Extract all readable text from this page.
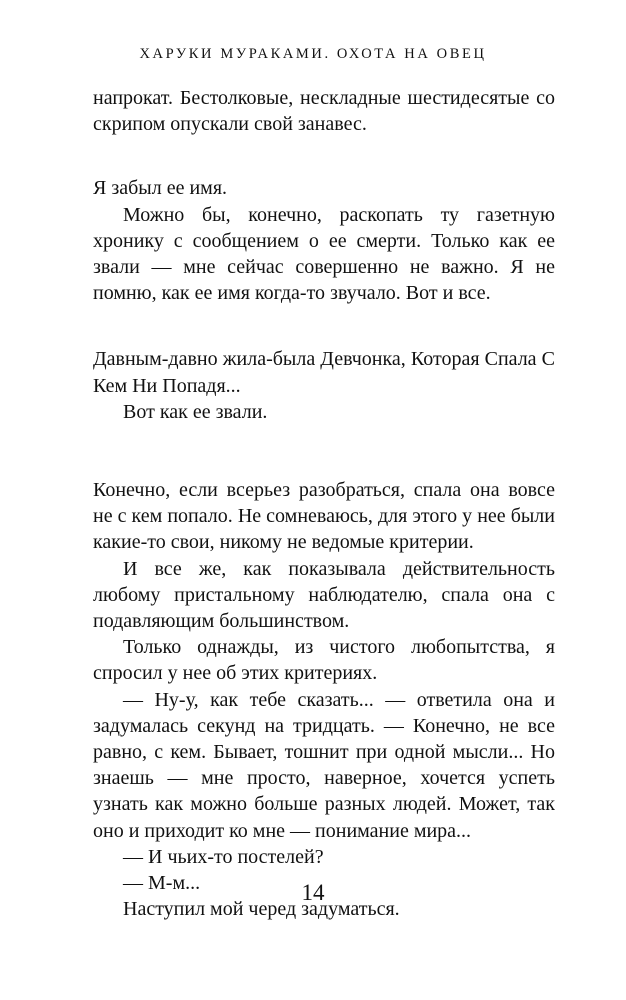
ХАРУКИ МУРАКАМИ. ОХОТА НА ОВЕЦ

напрокат. Бестолковые, нескладные шестидесятые со скрипом опускали свой занавес.

Я забыл ее имя.

Можно бы, конечно, раскопать ту газетную хронику с сообщением о ее смерти. Только как ее звали — мне сейчас совершенно не важно. Я не помню, как ее имя когда-то звучало. Вот и все.

Давным-давно жила-была Девчонка, Которая Спала С Кем Ни Попадя...

Вот как ее звали.

Конечно, если всерьез разобраться, спала она вовсе не с кем попало. Не сомневаюсь, для этого у нее были какие-то свои, никому не ведомые критерии.

И все же, как показывала действительность любому пристальному наблюдателю, спала она с подавляющим большинством.

Только однажды, из чистого любопытства, я спросил у нее об этих критериях.

— Ну-у, как тебе сказать... — ответила она и задумалась секунд на тридцать. — Конечно, не все равно, с кем. Бывает, тошнит при одной мысли... Но знаешь — мне просто, наверное, хочется успеть узнать как можно больше разных людей. Может, так оно и приходит ко мне — понимание мира...

— И чьих-то постелей?

— М-м...

Наступил мой черед задуматься.

14
